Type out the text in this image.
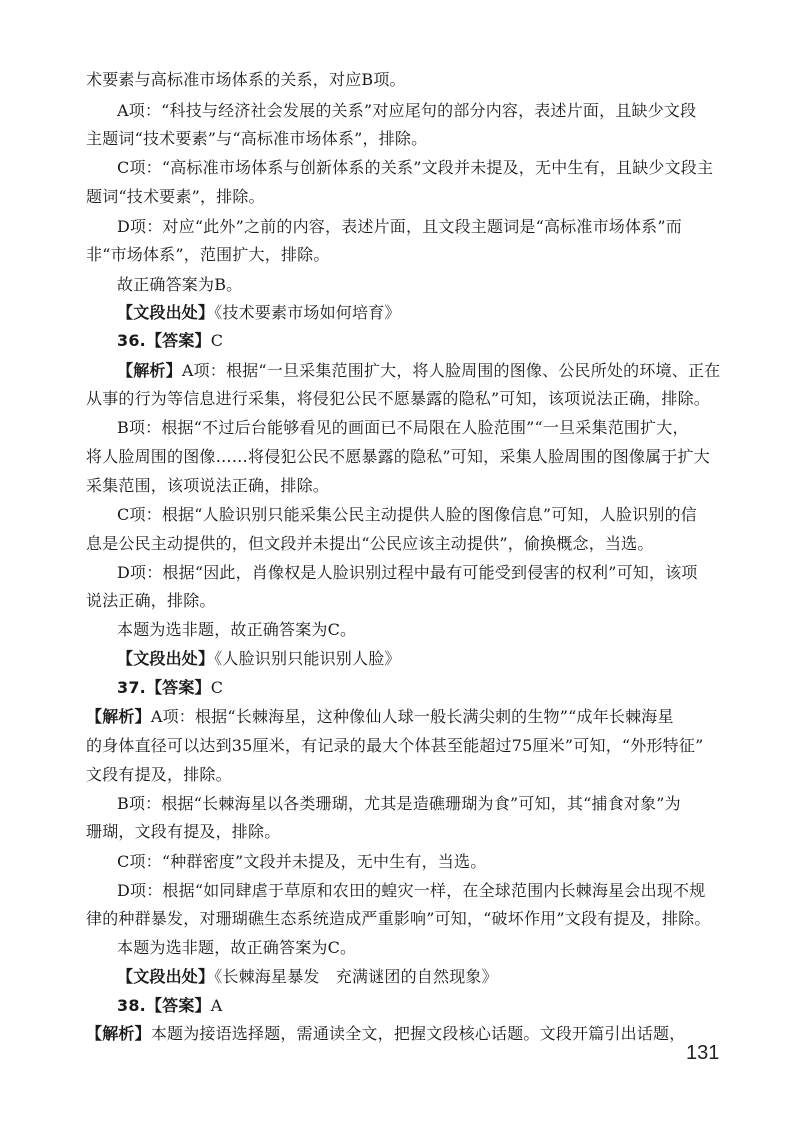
术要素与高标准市场体系的关系，对应B项。
A项：“科技与经济社会发展的关系”对应尾句的部分内容，表述片面，且缺少文段
主题词“技术要素”与“高标准市场体系”，排除。
C项：“高标准市场体系与创新体系的关系”文段并未提及，无中生有，且缺少文段主
题词“技术要素”，排除。
D项：对应“此外”之前的内容，表述片面，且文段主题词是“高标准市场体系”而
非“市场体系”，范围扩大，排除。
故正确答案为B。
【文段出处】《技术要素市场如何培育》
36.【答案】C
【解析】A项：根据“一旦采集范围扩大，将人脸周围的图像、公民所处的环境、正在
从事的行为等信息进行采集，将侵犯公民不愿暴露的隐私”可知，该项说法正确，排除。
B项：根据“不过后台能够看见的画面已不局限在人脸范围”“一旦采集范围扩大，
将人脸周围的图像……将侵犯公民不愿暴露的隐私”可知，采集人脸周围的图像属于扩大
采集范围，该项说法正确，排除。
C项：根据“人脸识别只能采集公民主动提供人脸的图像信息”可知，人脸识别的信
息是公民主动提供的，但文段并未提出“公民应该主动提供”，偷换概念，当选。
D项：根据“因此，肖像权是人脸识别过程中最有可能受到侵害的权利”可知，该项
说法正确，排除。
本题为选非题，故正确答案为C。
【文段出处】《人脸识别只能识别人脸》
37.【答案】C
【解析】A项：根据“长棘海星，这种像仙人球一般长满尖刺的生物”“成年长棘海星
的身体直径可以达到35厘米，有记录的最大个体甚至能超过75厘米”可知，“外形特征”
文段有提及，排除。
B项：根据“长棘海星以各类珊瑚，尤其是造礁珊瑚为食”可知，其“捕食对象”为
珊瑚，文段有提及，排除。
C项：“种群密度”文段并未提及，无中生有，当选。
D项：根据“如同肆虐于草原和农田的蝗灾一样，在全球范围内长棘海星会出现不规
律的种群暴发，对珊瑚礁生态系统造成严重影响”可知，“破坏作用”文段有提及，排除。
本题为选非题，故正确答案为C。
【文段出处】《长棘海星暴发　充满谜团的自然现象》
38.【答案】A
【解析】本题为接语选择题，需通读全文，把握文段核心话题。文段开篇引出话题，
131
